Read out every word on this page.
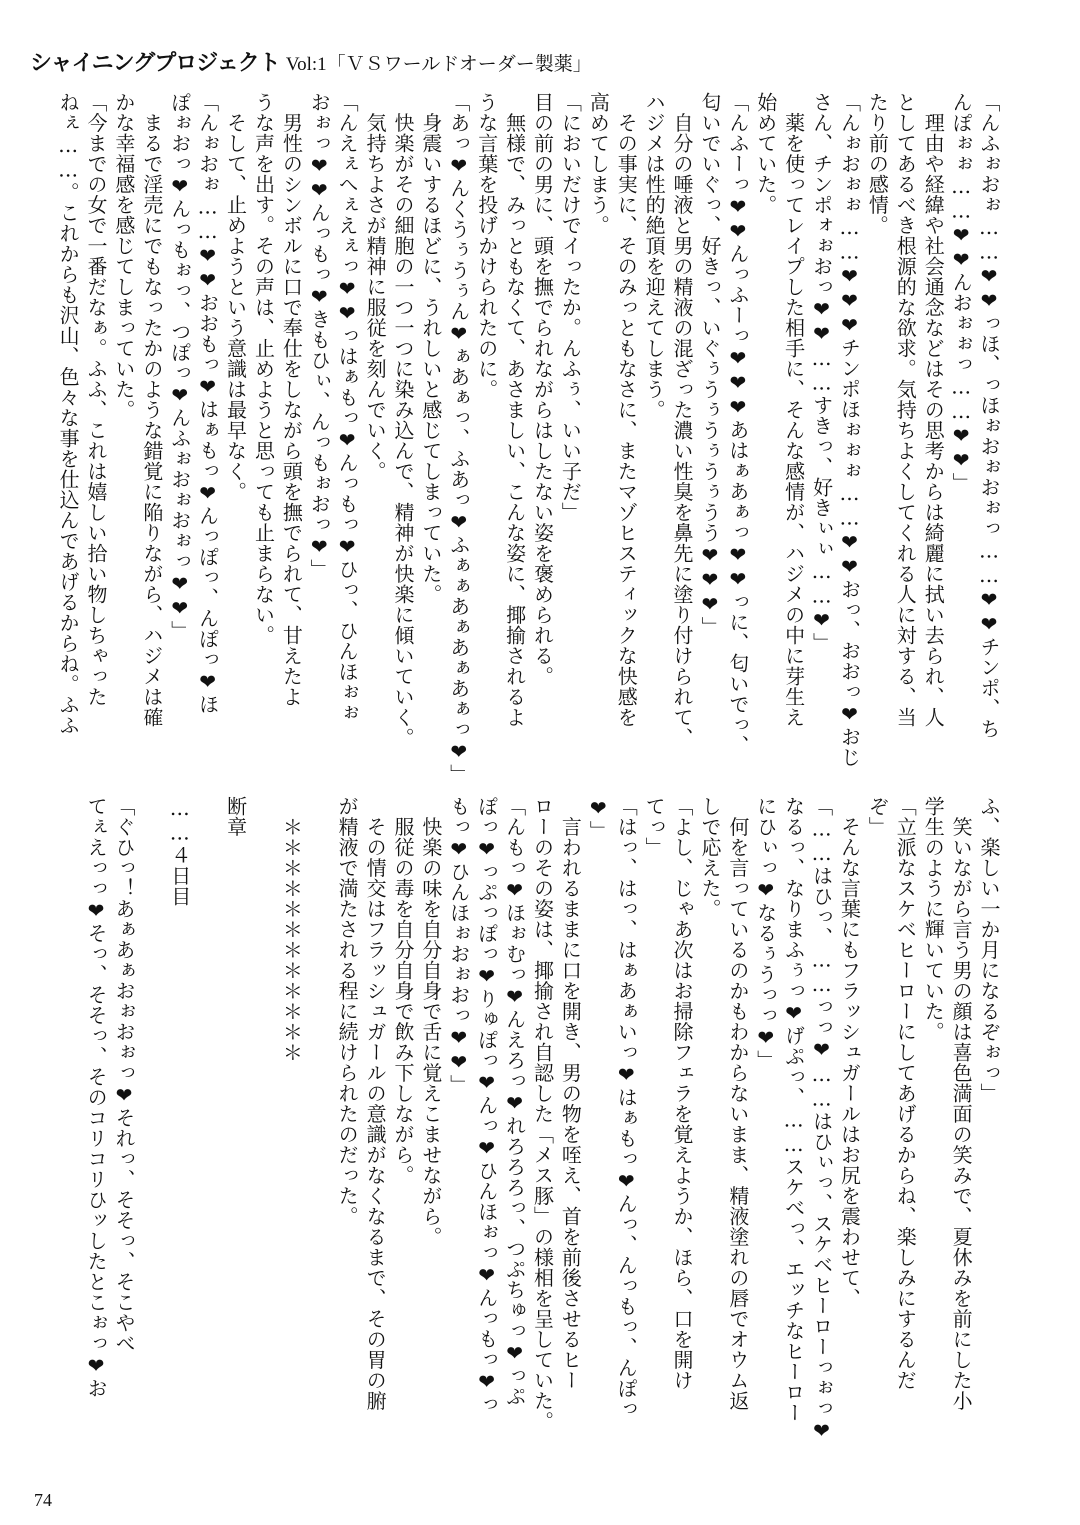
シャイニングプロジェクト Vol:1「ＶＳワールドオーダー製薬」
「んふぉおぉ……❤❤っほ、っほぉおぉおぉっ……❤❤チンポ、ち
んぽぉぉ……❤❤んおぉぉっ……❤❤」
　理由や経緯や社会通念などはその思考からは綺麗に拭い去られ、人
としてあるべき根源的な欲求。気持ちよくしてくれる人に対する、当
たり前の感情。
「んぉおぉぉ……❤❤❤チンポほぉぉぉ……❤❤おっ、おおっ❤おじ
さん、チンポォぉおっ❤❤……すきっ、好きぃぃ……❤」
　薬を使ってレイプした相手に、そんな感情が、ハジメの中に芽生え
始めていた。
「んふーっ❤❤んっふーっ❤❤❤あはぁあぁっ❤❤っに、匂いでっ、
匂いでいぐっ、好きっ、いぐぅうぅうぅうぅうう❤❤❤」
　自分の唾液と男の精液の混ざった濃い性臭を鼻先に塗り付けられて、
ハジメは性的絶頂を迎えてしまう。
　その事実に、そのみっともなさに、またマゾヒスティックな快感を
高めてしまう。
「においだけでイったか。んふぅ、いい子だ」
目の前の男に、頭を撫でられながらはしたない姿を褒められる。
　無様で、みっともなくて、あさましい、こんな姿に、揶揄されるよ
うな言葉を投げかけられたのに。
「あっ❤んくうぅうぅん❤ぁあぁっ、ふあっ❤ふぁぁあぁあぁあぁっ❤」
　身震いするほどに、うれしいと感じてしまっていた。
　快楽がその細胞の一つ一つに染み込んで、精神が快楽に傾いていく。
　気持ちよさが精神に服従を刻んでいく。
「んえぇへぇえぇっ❤❤っはぁもっ❤んっもっ❤ひっ、ひんほぉぉ
おぉっ❤❤んっもっ❤きもひぃ、んっもぉおっ❤」
　男性のシンボルに口で奉仕をしながら頭を撫でられて、甘えたよ
うな声を出す。その声は、止めようと思っても止まらない。
　そして、止めようという意識は最早なく。
「んぉおぉ……❤❤おおもっ❤はぁもっ❤んっぽっ、んぽっ❤ほ
ぽぉおっ❤んっもぉっ、つぽっ❤んふぉおぉおぉっ❤❤」
　まるで淫売にでもなったかのような錯覚に陥りながら、ハジメは確
かな幸福感を感じてしまっていた。
「今までの女で一番だなぁ。ふふ、これは嬉しい拾い物しちゃった
ねぇ……。これからも沢山、色々な事を仕込んであげるからね。ふふ
ふ、楽しい一か月になるぞぉっ」
　笑いながら言う男の顔は喜色満面の笑みで、夏休みを前にした小
学生のように輝いていた。
「立派なスケベヒーローにしてあげるからね、楽しみにするんだ
ぞ」
　そんな言葉にもフラッシュガールはお尻を震わせて、
「……はひっ、……っっ❤……はひぃっ、スケベヒーローっぉっ❤
なるっ、なりまふぅっ❤げぷっ、……スケべっ、エッチなヒーロー
にひぃっ❤なるぅうっっ❤」
　何を言っているのかもわからないまま、精液塗れの唇でオウム返
しで応えた。
「よし、じゃあ次はお掃除フェラを覚えようか、ほら、口を開け
てっ」
「はっ、はっ、はぁあぁいっ❤はぁもっ❤んっ、んっもっ、んぽっ
❤」
　言われるままに口を開き、男の物を咥え、首を前後させるヒー
ローのその姿は、揶揄され自認した「メス豚」の様相を呈していた。
「んもっ❤ほぉむっ❤んえろっ❤れろろろっ、つぷちゅっ❤っぷ
ぽっ❤っぷっぽっ❤りゅぽっ❤んっ❤ひんほぉっ❤んっもっ❤っ
もっ❤ひんほぉおぉおっ❤❤」
　快楽の味を自分自身で舌に覚えこませながら。
　服従の毒を自分自身で飲み下しながら。
　その情交はフラッシュガールの意識がなくなるまで、その胃の腑
が精液で満たされる程に続けられたのだった。
　＊＊＊＊＊＊＊＊＊＊＊＊
断章
……４日目
「ぐひっ！あぁあぁおぉおぉっ❤それっ、そそっ、そこやべ
てぇえっっ❤そっ、そそっ、そのコリコリひッしたとこぉっ❤お
74
